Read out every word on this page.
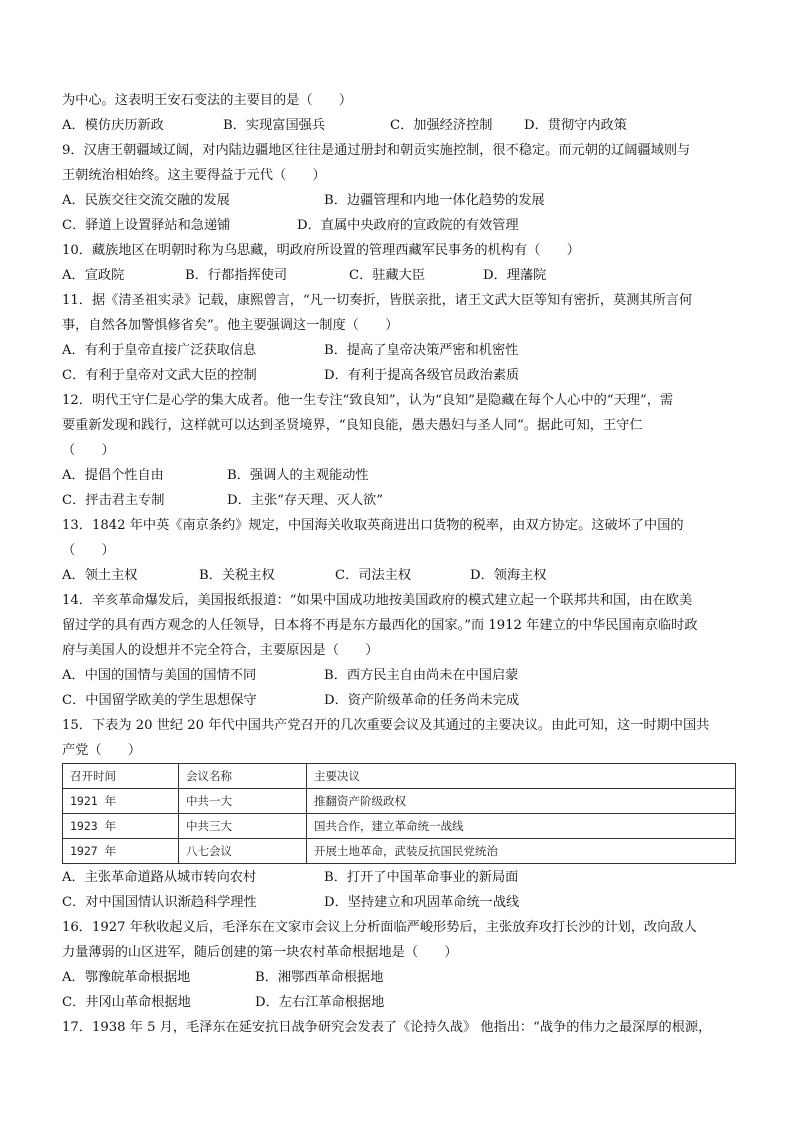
为中心。这表明王安石变法的主要目的是（　　）
A．模仿庆历新政	B．实现富国强兵	C．加强经济控制	D．贯彻守内政策
9．汉唐王朝疆域辽阔，对内陆边疆地区往往是通过册封和朝贡实施控制，很不稳定。而元朝的辽阔疆域则与
王朝统治相始终。这主要得益于元代（　　）
A．民族交往交流交融的发展	B．边疆管理和内地一体化趋势的发展
C．驿道上设置驿站和急递铺	D．直属中央政府的宣政院的有效管理
10．藏族地区在明朝时称为乌思藏，明政府所设置的管理西藏军民事务的机构有（　　）
A．宣政院	B．行都指挥使司	C．驻藏大臣	D．理藩院
11．据《清圣祖实录》记载，康熙曾言，“凡一切奏折，皆朕亲批，诸王文武大臣等知有密折，莫测其所言何
事，自然各加警惧修省矣”。他主要强调这一制度（　　）
A．有利于皇帝直接广泛获取信息	B．提高了皇帝决策严密和机密性
C．有利于皇帝对文武大臣的控制	D．有利于提高各级官员政治素质
12．明代王守仁是心学的集大成者。他一生专注“致良知”，认为“良知”是隐藏在每个人心中的“天理”，需
要重新发现和践行，这样就可以达到圣贤境界，“良知良能，愚夫愚妇与圣人同”。据此可知，王守仁
（　　）
A．提倡个性自由	B．强调人的主观能动性
C．抨击君主专制	D．主张“存天理、灭人欲”
13．1842 年中英《南京条约》规定，中国海关收取英商进出口货物的税率，由双方协定。这破坏了中国的
（　　）
A．领土主权	B．关税主权	C．司法主权	D．领海主权
14．辛亥革命爆发后，美国报纸报道：“如果中国成功地按美国政府的模式建立起一个联邦共和国，由在欧美
留过学的具有西方观念的人任领导，日本将不再是东方最西化的国家。”而 1912 年建立的中华民国南京临时政
府与美国人的设想并不完全符合，主要原因是（　　）
A．中国的国情与美国的国情不同	B．西方民主自由尚未在中国启蒙
C．中国留学欧美的学生思想保守	D．资产阶级革命的任务尚未完成
15．下表为 20 世纪 20 年代中国共产党召开的几次重要会议及其通过的主要决议。由此可知，这一时期中国共
产党（　　）
召开时间	会议名称	主要决议
1921 年	中共一大	推翻资产阶级政权
1923 年	中共三大	国共合作，建立革命统一战线
1927 年	八七会议	开展土地革命，武装反抗国民党统治
A．主张革命道路从城市转向农村	B．打开了中国革命事业的新局面
C．对中国国情认识渐趋科学理性	D．坚持建立和巩固革命统一战线
16．1927 年秋收起义后，毛泽东在文家市会议上分析面临严峻形势后，主张放弃攻打长沙的计划，改向敌人
力量薄弱的山区进军，随后创建的第一块农村革命根据地是（　　）
A．鄂豫皖革命根据地	B．湘鄂西革命根据地
C．井冈山革命根据地	D．左右江革命根据地
17．1938 年 5 月，毛泽东在延安抗日战争研究会发表了《论持久战》 他指出：“战争的伟力之最深厚的根源，
